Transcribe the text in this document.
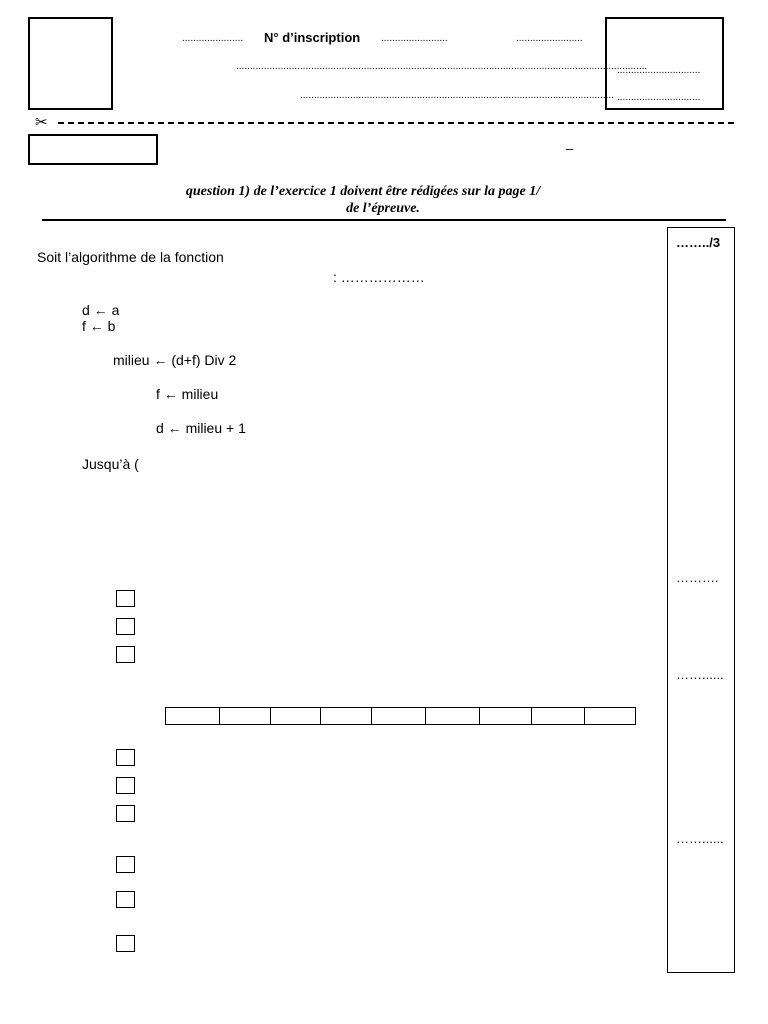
......................	N° d’inscription ........................	........................
....................................................................................................................................................
.................................................................................................................
..............................
..............................
✂
–
question 1) de l’exercice 1 doivent être rédigées sur la page 1/
de l’épreuve.
……../3
……….
……......
……......
Soit l’algorithme de la fonction
: ………………
d ← a
f ← b
milieu ← (d+f) Div 2
f ← milieu
d ← milieu + 1
Jusqu’à (
